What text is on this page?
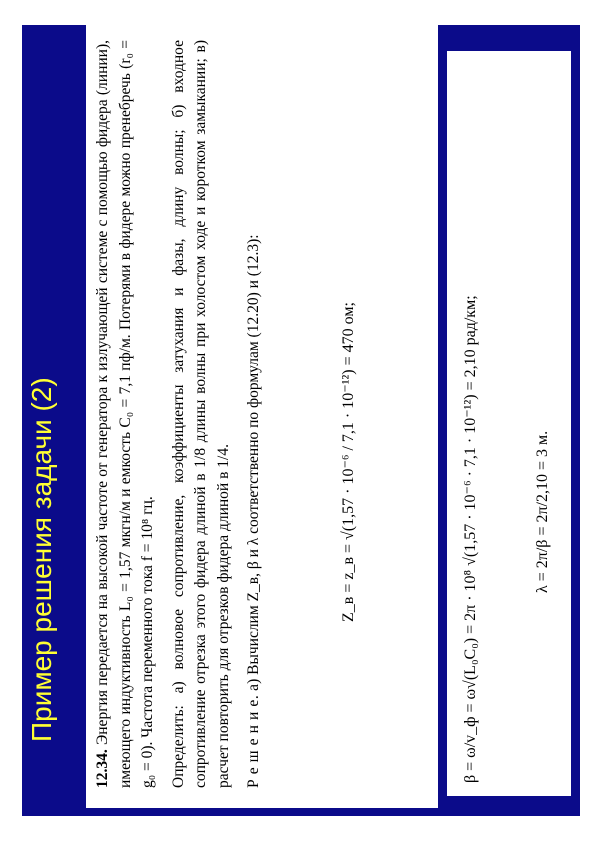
Пример решения задачи (2)

12.34. Энергия передается на высокой частоте от генератора к излучающей системе с помощью фидера (линии), имеющего индуктивность L₀ = 1,57 мкгн/м и емкость C₀ = 7,1 пф/м. Потерями в фидере можно пренебречь (r₀ = g₀ = 0). Частота переменного тока f = 10⁸ гц. Определить: а) волновое сопротивление, коэффициенты затухания и фазы, длину волны; б) входное сопротивление отрезка этого фидера длиной в 1/8 длины волны при холостом ходе и коротком замыкании; в) расчет повторить для отрезков фидера длиной в 1/4. Р е ш е н и е. а) Вычислим Z_в, β и λ соответственно по формулам (12.20) и (12.3):	Z_в = z_в = √(1,57 · 10⁻⁶ / 7,1 · 10⁻¹²) = 470 ом;	β = ω/v_ф = ω√(L₀C₀) = 2π · 10⁸ √(1,57 · 10⁻⁶ · 7,1 · 10⁻¹²) = 2,10 рад/км;	λ = 2π/β = 2π/2,10 = 3 м.
